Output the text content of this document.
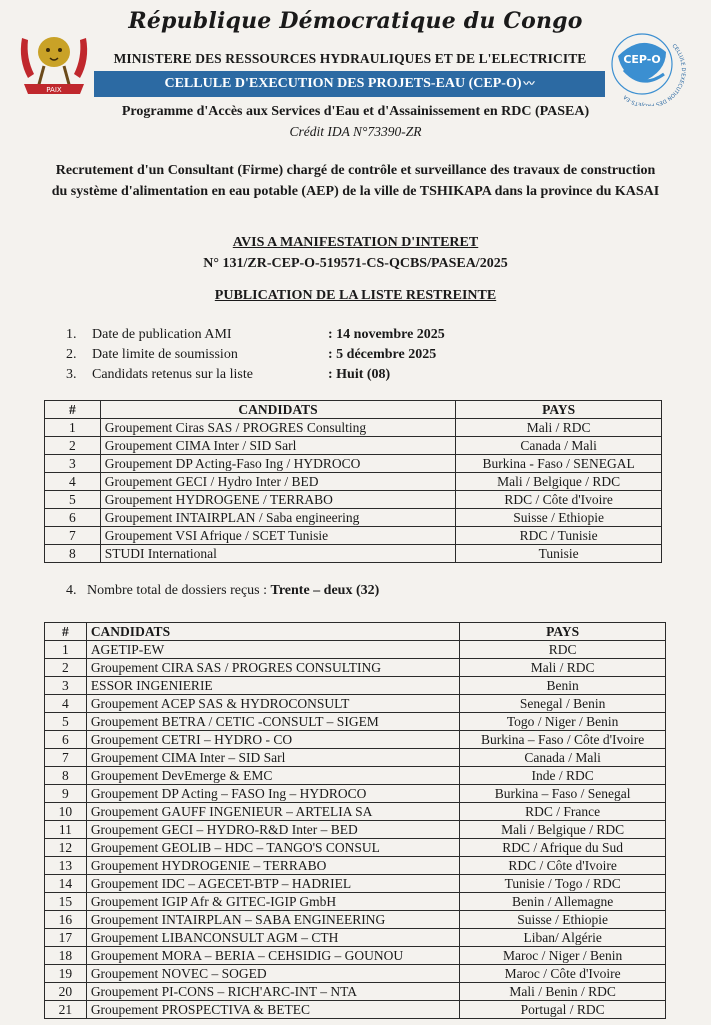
République Démocratique du Congo
PAIX
CEP-O
CELLULE D'EXECUTION DES PROJETS-EA
MINISTERE DES RESSOURCES HYDRAULIQUES ET DE L'ELECTRICITE
CELLULE D'EXECUTION DES PROJETS-EAU (CEP-O) 〰
Programme d'Accès aux Services d'Eau et d'Assainissement en RDC (PASEA)
Crédit IDA N°73390-ZR
Recrutement d'un Consultant (Firme) chargé de contrôle et surveillance des travaux de construction du système d'alimentation en eau potable (AEP) de la ville de TSHIKAPA dans la province du KASAI
AVIS A MANIFESTATION D'INTERET
N° 131/ZR-CEP-O-519571-CS-QCBS/PASEA/2025
PUBLICATION DE LA LISTE RESTREINTE
1.	Date de publication AMI	: 14 novembre 2025
2.	Date limite de soumission	: 5 décembre 2025
3.	Candidats retenus sur la liste	: Huit (08)
#	CANDIDATS	PAYS
1	Groupement Ciras SAS / PROGRES Consulting	Mali / RDC
2	Groupement CIMA Inter / SID Sarl	Canada / Mali
3	Groupement DP Acting-Faso Ing / HYDROCO	Burkina - Faso / SENEGAL
4	Groupement GECI / Hydro Inter / BED	Mali / Belgique / RDC
5	Groupement HYDROGENE / TERRABO	RDC / Côte d'Ivoire
6	Groupement INTAIRPLAN / Saba engineering	Suisse / Ethiopie
7	Groupement VSI Afrique / SCET Tunisie	RDC / Tunisie
8	STUDI International	Tunisie
4.   Nombre total de dossiers reçus : Trente – deux (32)
#	CANDIDATS	PAYS
1	AGETIP-EW	RDC
2	Groupement CIRA SAS / PROGRES CONSULTING	Mali / RDC
3	ESSOR INGENIERIE	Benin
4	Groupement ACEP SAS & HYDROCONSULT	Senegal / Benin
5	Groupement BETRA / CETIC -CONSULT – SIGEM	Togo / Niger / Benin
6	Groupement CETRI – HYDRO - CO	Burkina – Faso / Côte d'Ivoire
7	Groupement CIMA Inter – SID Sarl	Canada / Mali
8	Groupement DevEmerge & EMC	Inde / RDC
9	Groupement DP Acting – FASO Ing – HYDROCO	Burkina – Faso / Senegal
10	Groupement GAUFF INGENIEUR – ARTELIA SA	RDC / France
11	Groupement GECI – HYDRO-R&D Inter – BED	Mali / Belgique / RDC
12	Groupement GEOLIB – HDC – TANGO'S CONSUL	RDC / Afrique du Sud
13	Groupement HYDROGENIE – TERRABO	RDC / Côte d'Ivoire
14	Groupement IDC – AGECET-BTP – HADRIEL	Tunisie / Togo / RDC
15	Groupement IGIP Afr & GITEC-IGIP GmbH	Benin / Allemagne
16	Groupement INTAIRPLAN – SABA ENGINEERING	Suisse / Ethiopie
17	Groupement LIBANCONSULT AGM – CTH	Liban/ Algérie
18	Groupement MORA – BERIA – CEHSIDIG – GOUNOU	Maroc / Niger / Benin
19	Groupement NOVEC – SOGED	Maroc / Côte d'Ivoire
20	Groupement PI-CONS – RICH'ARC-INT – NTA	Mali / Benin / RDC
21	Groupement PROSPECTIVA & BETEC	Portugal / RDC
